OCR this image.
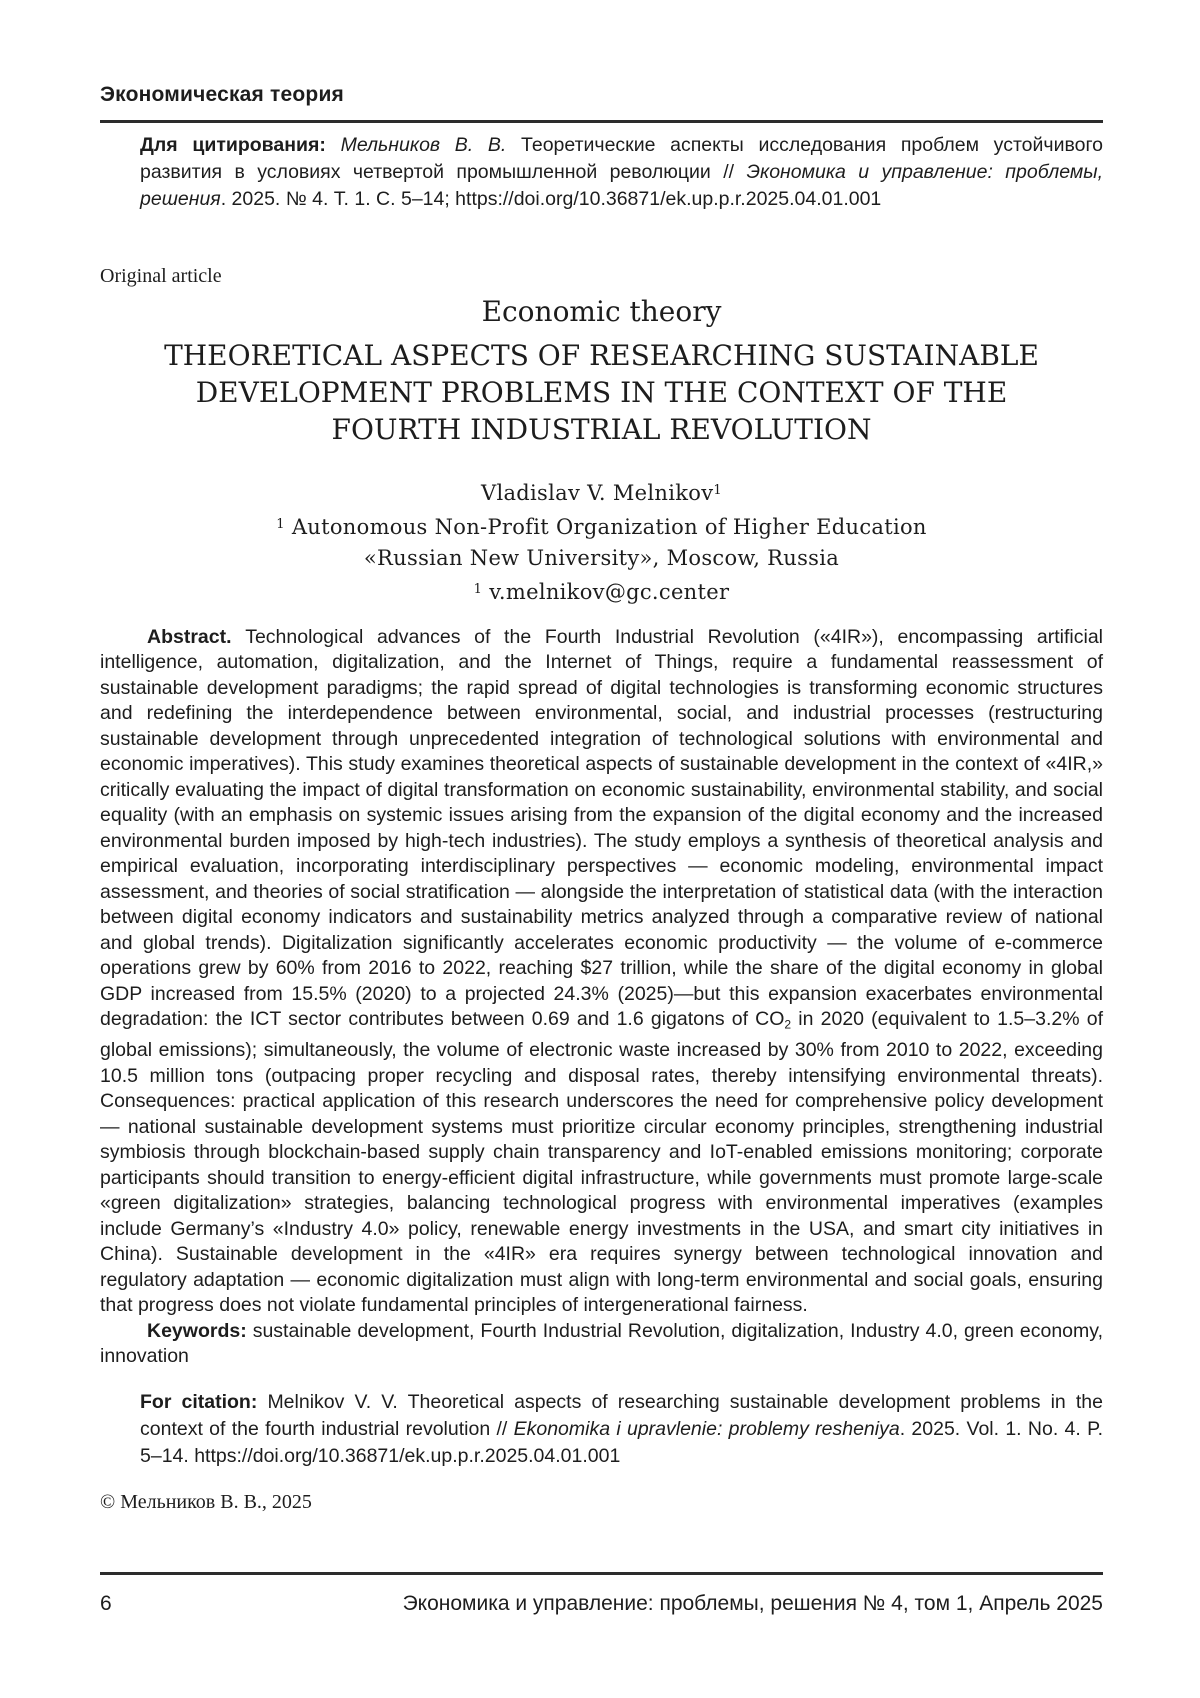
Экономическая теория

Для цитирования: Мельников В. В. Теоретические аспекты исследования проблем устойчивого развития в условиях четвертой промышленной революции // Экономика и управление: проблемы, решения. 2025. № 4. Т. 1. С. 5–14; https://doi.org/10.36871/ek.up.p.r.2025.04.01.001

Original article
Economic theory
THEORETICAL ASPECTS OF RESEARCHING SUSTAINABLE
DEVELOPMENT PROBLEMS IN THE CONTEXT OF THE
FOURTH INDUSTRIAL REVOLUTION
Vladislav V. Melnikov$^1$
$^1$ Autonomous Non-Profit Organization of Higher Education
«Russian New University», Moscow, Russia
$^1$ v.melnikov@gc.center

Abstract. Technological advances of the Fourth Industrial Revolution («4IR»), encompassing artificial intelligence, automation, digitalization, and the Internet of Things, require a fundamental reassessment of sustainable development paradigms; the rapid spread of digital technologies is transforming economic structures and redefining the interdependence between environmental, social, and industrial processes (restructuring sustainable development through unprecedented integration of technological solutions with environmental and economic imperatives). This study examines theoretical aspects of sustainable development in the context of «4IR,» critically evaluating the impact of digital transformation on economic sustainability, environmental stability, and social equality (with an emphasis on systemic issues arising from the expansion of the digital economy and the increased environmental burden imposed by high-tech industries). The study employs a synthesis of theoretical analysis and empirical evaluation, incorporating interdisciplinary perspectives — economic modeling, environmental impact assessment, and theories of social stratification — alongside the interpretation of statistical data (with the interaction between digital economy indicators and sustainability metrics analyzed through a comparative review of national and global trends). Digitalization significantly accelerates economic productivity — the volume of e-commerce operations grew by 60% from 2016 to 2022, reaching $27 trillion, while the share of the digital economy in global GDP increased from 15.5% (2020) to a projected 24.3% (2025)—but this expansion exacerbates environmental degradation: the ICT sector contributes between 0.69 and 1.6 gigatons of CO2 in 2020 (equivalent to 1.5–3.2% of global emissions); simultaneously, the volume of electronic waste increased by 30% from 2010 to 2022, exceeding 10.5 million tons (outpacing proper recycling and disposal rates, thereby intensifying environmental threats). Consequences: practical application of this research underscores the need for comprehensive policy development — national sustainable development systems must prioritize circular economy principles, strengthening industrial symbiosis through blockchain-based supply chain transparency and IoT-enabled emissions monitoring; corporate participants should transition to energy-efficient digital infrastructure, while governments must promote large-scale «green digitalization» strategies, balancing technological progress with environmental imperatives (examples include Germany’s «Industry 4.0» policy, renewable energy investments in the USA, and smart city initiatives in China). Sustainable development in the «4IR» era requires synergy between technological innovation and regulatory adaptation — economic digitalization must align with long-term environmental and social goals, ensuring that progress does not violate fundamental principles of intergenerational fairness.

Keywords: sustainable development, Fourth Industrial Revolution, digitalization, Industry 4.0, green economy, innovation

For citation: Melnikov V. V. Theoretical aspects of researching sustainable development problems in the context of the fourth industrial revolution // Ekonomika i upravlenie: problemy resheniya. 2025. Vol. 1. No. 4. P. 5–14. https://doi.org/10.36871/ek.up.p.r.2025.04.01.001

© Мельников В. В., 2025
6	Экономика и управление: проблемы, решения № 4, том 1, Апрель 2025
